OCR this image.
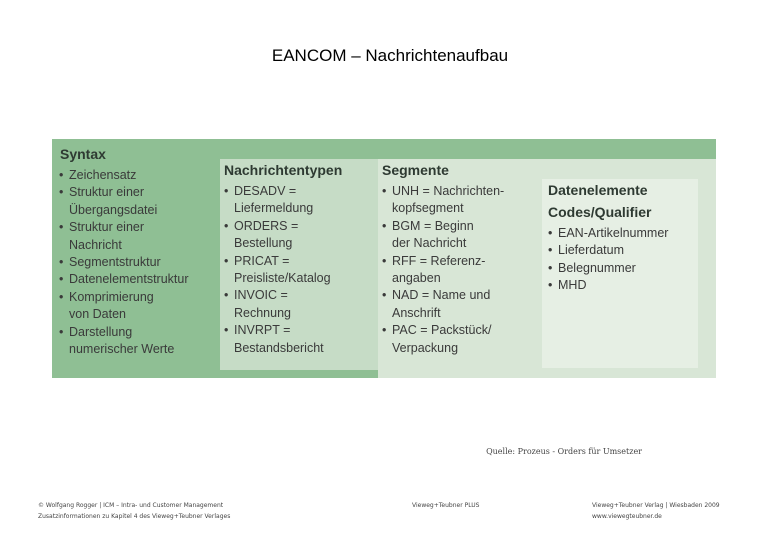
EANCOM – Nachrichtenaufbau
Syntax
• Zeichensatz
• Struktur einer
Übergangsdatei
• Struktur einer
Nachricht
• Segmentstruktur
• Datenelementstruktur
• Komprimierung
von Daten
• Darstellung
numerischer Werte
Nachrichtentypen
• DESADV =
Liefermeldung
• ORDERS =
Bestellung
• PRICAT =
Preisliste/Katalog
• INVOIC =
Rechnung
• INVRPT =
Bestandsbericht
Segmente
• UNH = Nachrichten-
kopfsegment
• BGM = Beginn
der Nachricht
• RFF = Referenz-
angaben
• NAD = Name und
Anschrift
• PAC = Packstück/
Verpackung
Datenelemente
Codes/Qualifier
• EAN-Artikelnummer
• Lieferdatum
• Belegnummer
• MHD
Quelle: Prozeus - Orders für Umsetzer
© Wolfgang Rogger | ICM – Intra- und Customer Management
Zusatzinformationen zu Kapitel 4 des Vieweg+Teubner Verlages
Vieweg+Teubner PLUS	Vieweg+Teubner Verlag | Wiesbaden 2009
www.viewegteubner.de
